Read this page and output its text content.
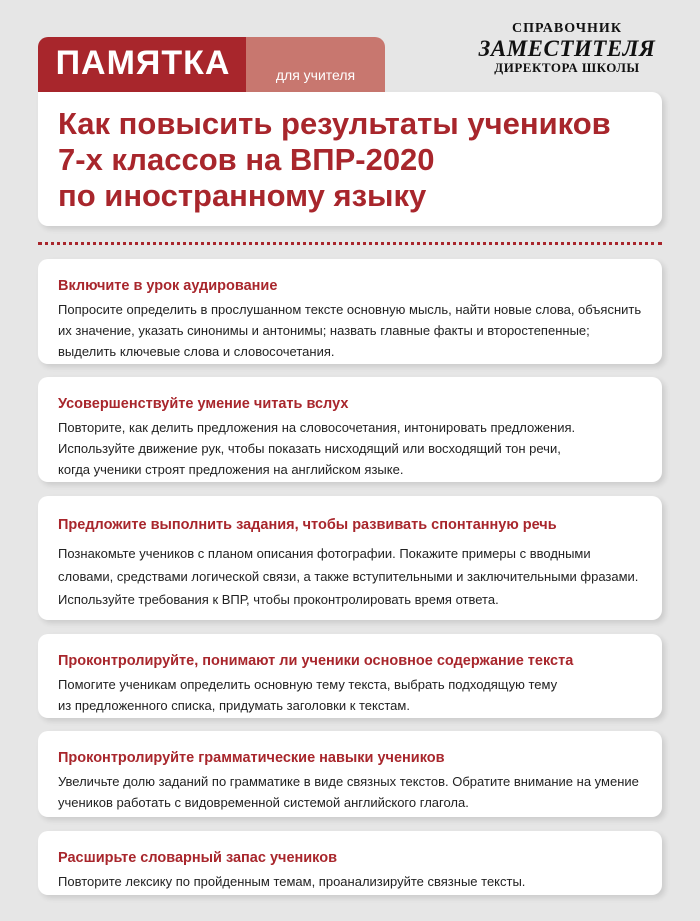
ПАМЯТКА	для учителя
СПРАВОЧНИК
ЗАМЕСТИТЕЛЯ
ДИРЕКТОРА ШКОЛЫ
Как повысить результаты учеников
7-х классов на ВПР-2020
по иностранному языку
Включите в урок аудирование

Попросите определить в прослушанном тексте основную мысль, найти новые слова, объяснить
их значение, указать синонимы и антонимы; назвать главные факты и второстепенные;
выделить ключевые слова и словосочетания.

Усовершенствуйте умение читать вслух

Повторите, как делить предложения на словосочетания, интонировать предложения.
Используйте движение рук, чтобы показать нисходящий или восходящий тон речи,
когда ученики строят предложения на английском языке.

Предложите выполнить задания, чтобы развивать спонтанную речь

Познакомьте учеников с планом описания фотографии. Покажите примеры с вводными
словами, средствами логической связи, а также вступительными и заключительными фразами.
Используйте требования к ВПР, чтобы проконтролировать время ответа.

Проконтролируйте, понимают ли ученики основное содержание текста

Помогите ученикам определить основную тему текста, выбрать подходящую тему
из предложенного списка, придумать заголовки к текстам.

Проконтролируйте грамматические навыки учеников

Увеличьте долю заданий по грамматике в виде связных текстов. Обратите внимание на умение
учеников работать с видовременной системой английского глагола.

Расширьте словарный запас учеников

Повторите лексику по пройденным темам, проанализируйте связные тексты.
